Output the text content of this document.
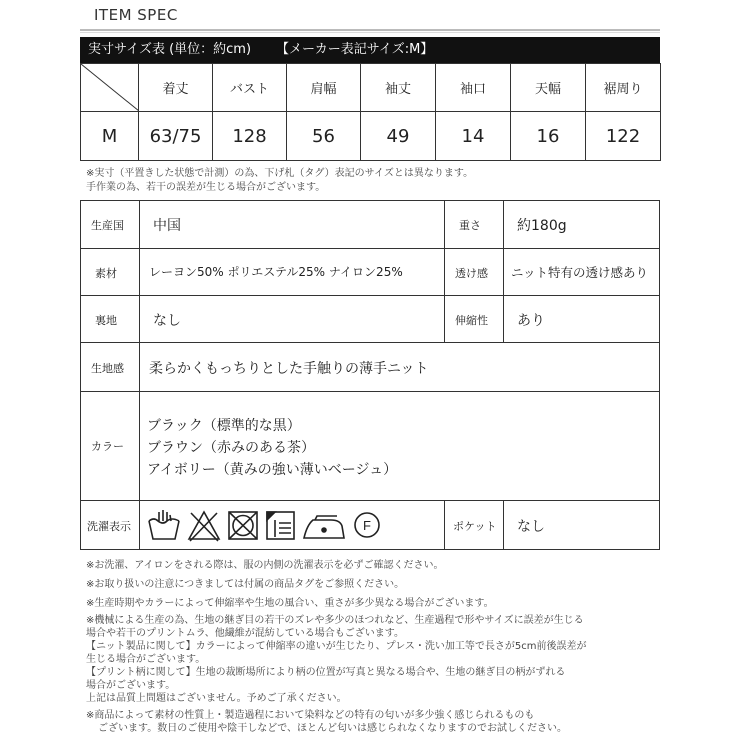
ITEM SPEC
実寸サイズ表 (単位：約cm) 【メーカー表記サイズ:M】
	着丈	バスト	肩幅	袖丈	袖口	天幅	裾周り
M	63/75	128	56	49	14	16	122
※実寸（平置きした状態で計測）の為、下げ札（タグ）表記のサイズとは異なります。
手作業の為、若干の誤差が生じる場合がございます。
生産国 中国	重さ	約180g
素材	レーヨン50% ポリエステル25% ナイロン25%	透け感 ニット特有の透け感あり
裏地	なし	伸縮性 あり
生地感 柔らかくもっちりとした手触りの薄手ニット
カラー
ブラック（標準的な黒）
ブラウン（赤みのある茶）
アイボリー（黄みの強い薄いベージュ）
洗濯表示	F	ポケット なし
※お洗濯、アイロンをされる際は、服の内側の洗濯表示を必ずご確認ください。
※お取り扱いの注意につきましては付属の商品タグをご参照ください。
※生産時期やカラーによって伸縮率や生地の風合い、重さが多少異なる場合がございます。
※機械による生産の為、生地の継ぎ目の若干のズレや多少のほつれなど、生産過程で形やサイズに誤差が生じる
場合や若干のプリントムラ、他繊維が混紡している場合もございます。
【ニット製品に関して】カラーによって伸縮率の違いが生じたり、プレス・洗い加工等で長さが5cm前後誤差が
生じる場合がございます。
【プリント柄に関して】生地の裁断場所により柄の位置が写真と異なる場合や、生地の継ぎ目の柄がずれる
場合がございます。
上記は品質上問題はございません。予めご了承ください。
※商品によって素材の性質上・製造過程において染料などの特有の匂いが多少強く感じられるものも
ございます。数日のご使用や陰干しなどで、ほとんど匂いは感じられなくなりますのでお試しください。
